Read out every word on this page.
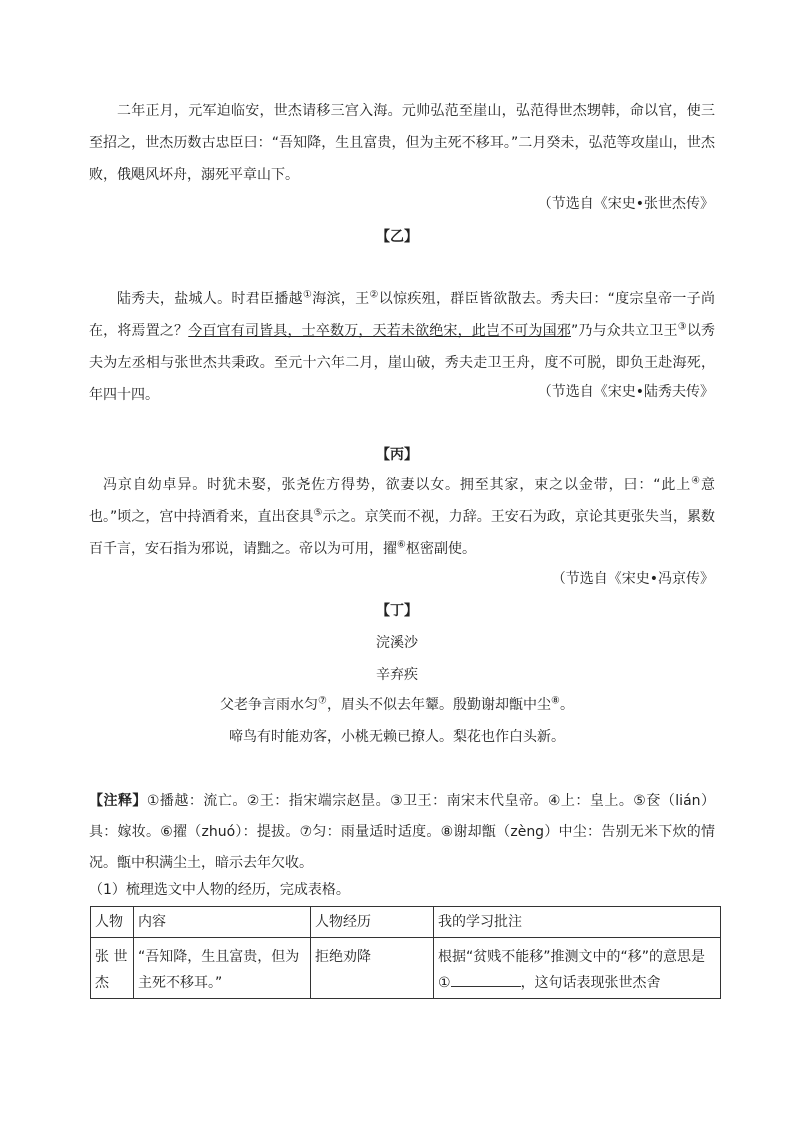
二年正月，元军迫临安，世杰请移三宫入海。元帅弘范至崖山，弘范得世杰甥韩，命以官，使三至招之，世杰历数古忠臣曰：“吾知降，生且富贵，但为主死不移耳。”二月癸未，弘范等攻崖山，世杰败，俄飓风坏舟，溺死平章山下。
（节选自《宋史•张世杰传》
【乙】
陆秀夫，盐城人。时君臣播越①海滨，王②以惊疾殂，群臣皆欲散去。秀夫曰：“度宗皇帝一子尚在，将焉置之？今百官有司皆具，士卒数万，天若未欲绝宋，此岂不可为国邪”乃与众共立卫王③以秀夫为左丞相与张世杰共秉政。至元十六年二月，崖山破，秀夫走卫王舟，度不可脱，即负王赴海死，年四十四。	（节选自《宋史•陆秀夫传》
【丙】
冯京自幼卓异。时犹未娶，张尧佐方得势，欲妻以女。拥至其家，束之以金带，曰：“此上④意也。”顷之，宫中持酒肴来，直出奁具⑤示之。京笑而不视，力辞。王安石为政，京论其更张失当，累数百千言，安石指为邪说，请黜之。帝以为可用，擢⑥枢密副使。
（节选自《宋史•冯京传》
【丁】
浣溪沙
辛弃疾
父老争言雨水匀⑦，眉头不似去年颦。殷勤谢却甑中尘⑧。
啼鸟有时能劝客，小桃无赖已撩人。梨花也作白头新。
【注释】①播越：流亡。②王：指宋端宗赵昰。③卫王：南宋末代皇帝。④上：皇上。⑤奁（lián）具：嫁妆。⑥擢（zhuó）：提拔。⑦匀：雨量适时适度。⑧谢却甑（zèng）中尘：告别无米下炊的情况。甑中积满尘土，暗示去年欠收。
（1）梳理选文中人物的经历，完成表格。
人物	内容	人物经历	我的学习批注
张 世杰	“吾知降，生且富贵，但为主死不移耳。”	拒绝劝降	根据“贫贱不能移”推测文中的“移”的意思是① ，这句话表现张世杰舍
